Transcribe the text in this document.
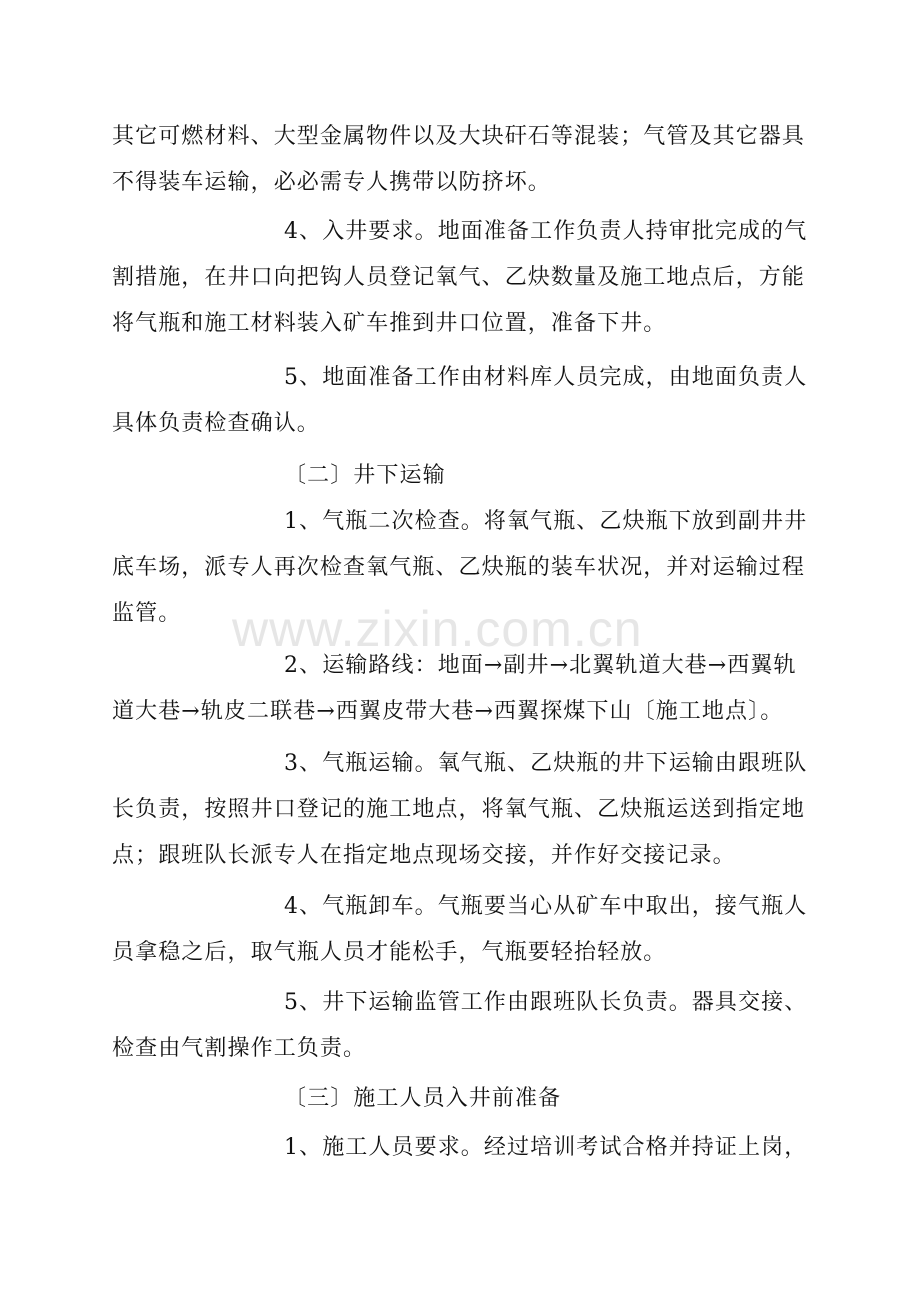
www.zixin.com.cn

其它可燃材料、大型金属物件以及大块矸石等混装；气管及其它器具不得装车运输，必必需专人携带以防挤坏。

4、入井要求。地面准备工作负责人持审批完成的气割措施，在井口向把钩人员登记氧气、乙炔数量及施工地点后，方能将气瓶和施工材料装入矿车推到井口位置，准备下井。

5、地面准备工作由材料库人员完成，由地面负责人具体负责检查确认。

〔二〕井下运输

1、气瓶二次检查。将氧气瓶、乙炔瓶下放到副井井底车场，派专人再次检查氧气瓶、乙炔瓶的装车状况，并对运输过程监管。

2、运输路线：地面→副井→北翼轨道大巷→西翼轨道大巷→轨皮二联巷→西翼皮带大巷→西翼探煤下山〔施工地点〕。

3、气瓶运输。氧气瓶、乙炔瓶的井下运输由跟班队长负责，按照井口登记的施工地点，将氧气瓶、乙炔瓶运送到指定地点；跟班队长派专人在指定地点现场交接，并作好交接记录。

4、气瓶卸车。气瓶要当心从矿车中取出，接气瓶人员拿稳之后，取气瓶人员才能松手，气瓶要轻抬轻放。

5、井下运输监管工作由跟班队长负责。器具交接、检查由气割操作工负责。

〔三〕施工人员入井前准备

1、施工人员要求。经过培训考试合格并持证上岗，
